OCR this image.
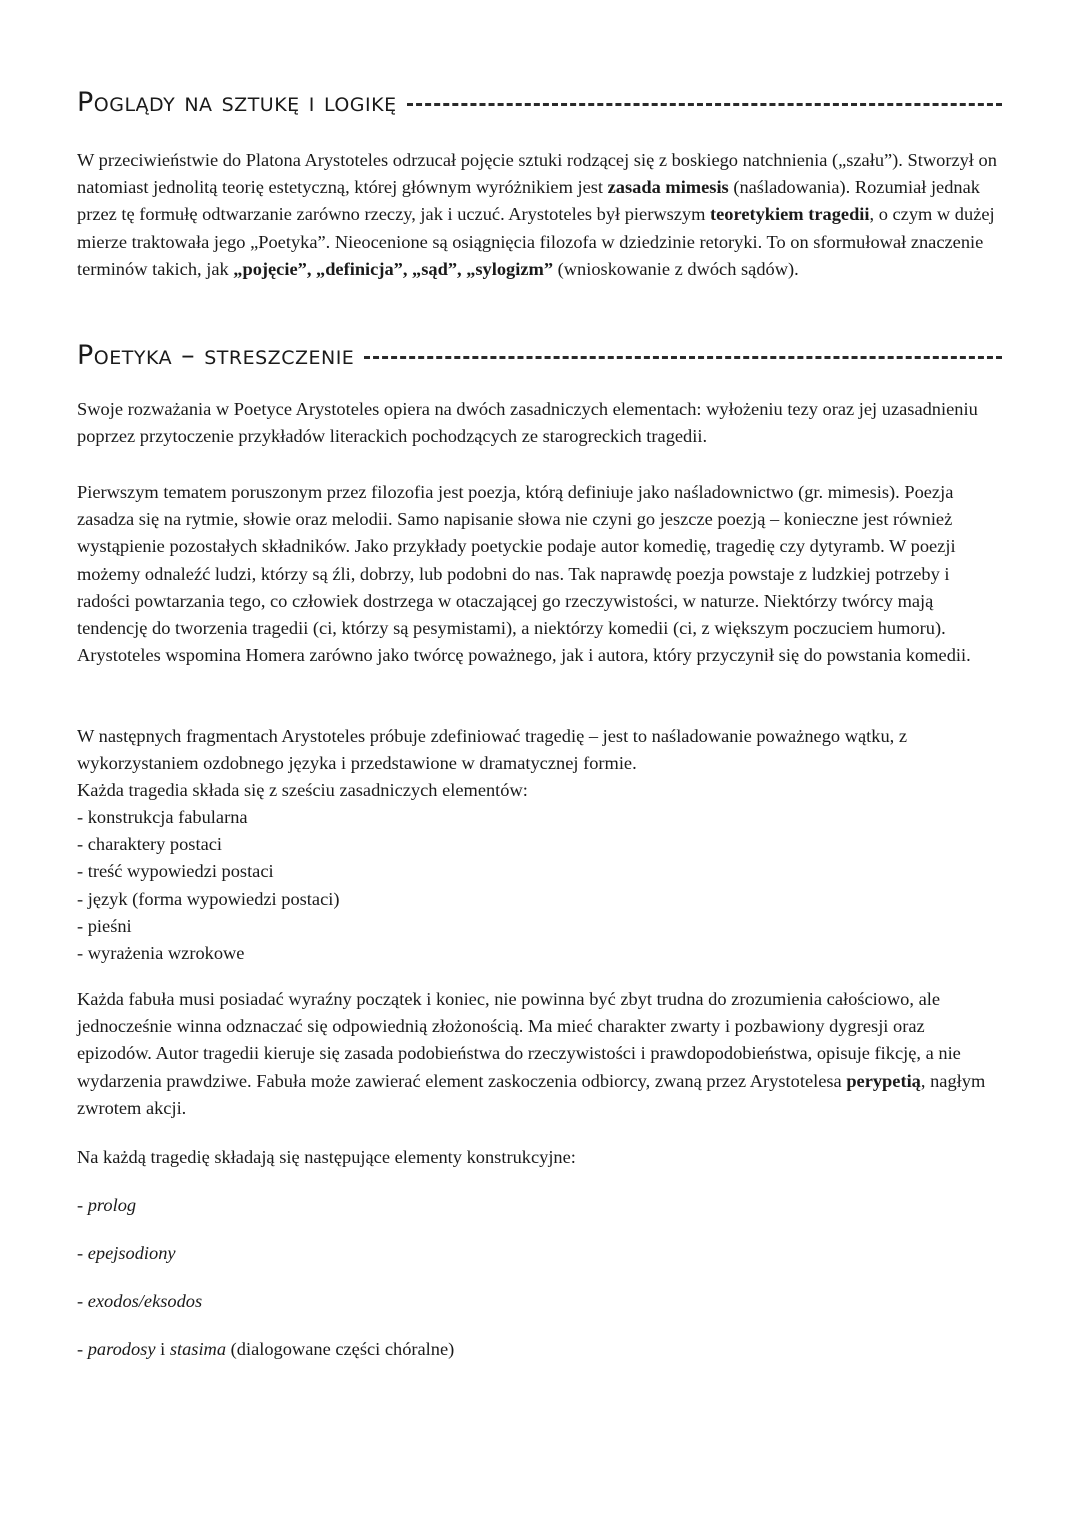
Poglądy na sztukę i logikę

W przeciwieństwie do Platona Arystoteles odrzucał pojęcie sztuki rodzącej się z boskiego natchnienia („szału”). Stworzył on natomiast jednolitą teorię estetyczną, której głównym wyróżnikiem jest zasada mimesis (naśladowania). Rozumiał jednak przez tę formułę odtwarzanie zarówno rzeczy, jak i uczuć. Arystoteles był pierwszym teoretykiem tragedii, o czym w dużej mierze traktowała jego „Poetyka”. Nieocenione są osiągnięcia filozofa w dziedzinie retoryki. To on sformułował znaczenie terminów takich, jak „pojęcie”, „definicja”, „sąd”, „sylogizm” (wnioskowanie z dwóch sądów).

Poetyka – streszczenie

Swoje rozważania w Poetyce Arystoteles opiera na dwóch zasadniczych elementach: wyłożeniu tezy oraz jej uzasadnieniu poprzez przytoczenie przykładów literackich pochodzących ze starogreckich tragedii.

Pierwszym tematem poruszonym przez filozofia jest poezja, którą definiuje jako naśladownictwo (gr. mimesis). Poezja zasadza się na rytmie, słowie oraz melodii. Samo napisanie słowa nie czyni go jeszcze poezją – konieczne jest również wystąpienie pozostałych składników. Jako przykłady poetyckie podaje autor komedię, tragedię czy dytyramb. W poezji możemy odnaleźć ludzi, którzy są źli, dobrzy, lub podobni do nas. Tak naprawdę poezja powstaje z ludzkiej potrzeby i radości powtarzania tego, co człowiek dostrzega w otaczającej go rzeczywistości, w naturze. Niektórzy twórcy mają tendencję do tworzenia tragedii (ci, którzy są pesymistami), a niektórzy komedii (ci, z większym poczuciem humoru). Arystoteles wspomina Homera zarówno jako twórcę poważnego, jak i autora, który przyczynił się do powstania komedii.

W następnych fragmentach Arystoteles próbuje zdefiniować tragedię – jest to naśladowanie poważnego wątku, z wykorzystaniem ozdobnego języka i przedstawione w dramatycznej formie.

Każda tragedia składa się z sześciu zasadniczych elementów:

- konstrukcja fabularna
- charaktery postaci
- treść wypowiedzi postaci
- język (forma wypowiedzi postaci)
- pieśni
- wyrażenia wzrokowe

Każda fabuła musi posiadać wyraźny początek i koniec, nie powinna być zbyt trudna do zrozumienia całościowo, ale jednocześnie winna odznaczać się odpowiednią złożonością. Ma mieć charakter zwarty i pozbawiony dygresji oraz epizodów. Autor tragedii kieruje się zasada podobieństwa do rzeczywistości i prawdopodobieństwa, opisuje fikcję, a nie wydarzenia prawdziwe. Fabuła może zawierać element zaskoczenia odbiorcy, zwaną przez Arystotelesa perypetią, nagłym zwrotem akcji.

Na każdą tragedię składają się następujące elementy konstrukcyjne:

- prolog
- epejsodiony
- exodos/eksodos
- parodosy i stasima (dialogowane części chóralne)
